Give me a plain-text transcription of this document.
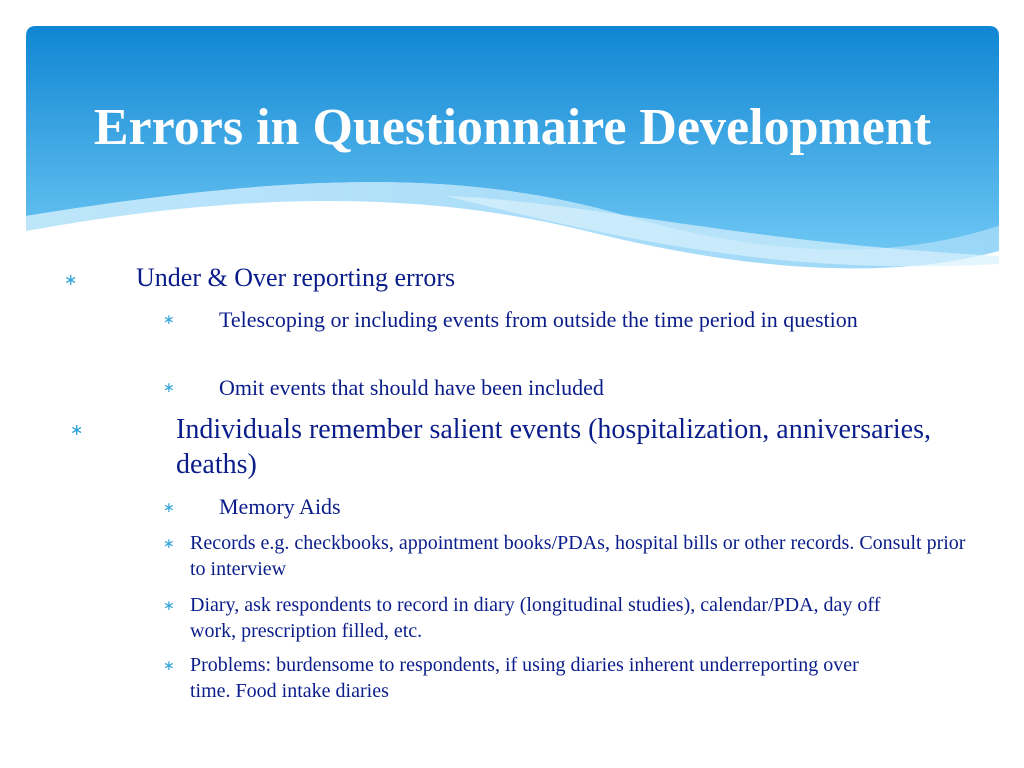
Errors in Questionnaire Development
∗ Under & Over reporting errors
∗ Telescoping or including events from outside the time period in question
∗ Omit events that should have been included
∗	Individuals remember salient events (hospitalization, anniversaries, deaths)
∗ Memory Aids
∗ Records e.g. checkbooks, appointment books/PDAs, hospital bills or other records. Consult prior to interview
∗ Diary, ask respondents to record in diary (longitudinal studies), calendar/PDA, day off work, prescription filled, etc.
∗ Problems: burdensome to respondents, if using diaries inherent underreporting over time. Food intake diaries
